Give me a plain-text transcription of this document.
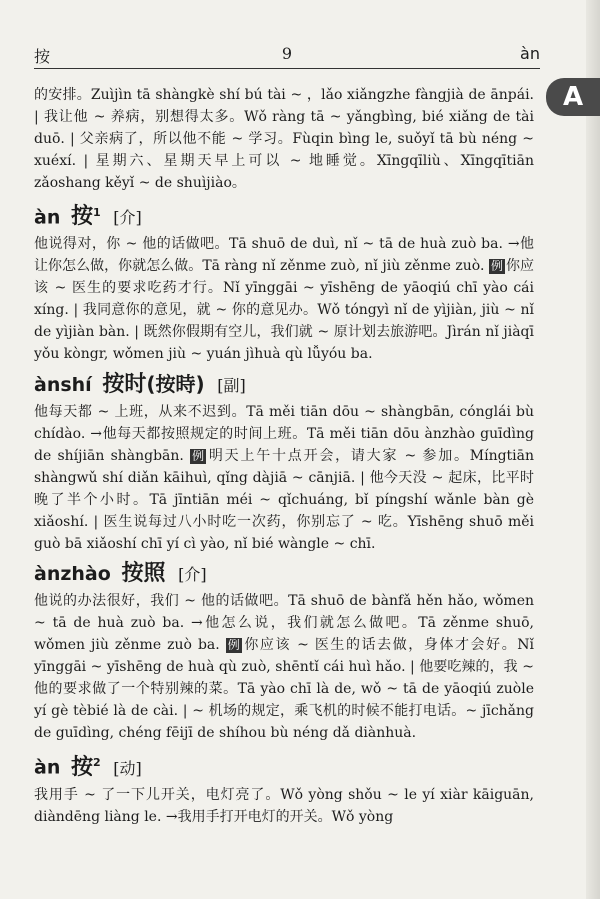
A
按	9	àn

的安排。Zuìjìn tā shàngkè shí bú tài ~ ，lǎo xiǎngzhe fàngjià de ānpái. | 我让他 ~ 养病，别想得太多。Wǒ ràng tā ~ yǎngbìng, bié xiǎng de tài duō. | 父亲病了，所以他不能 ~ 学习。Fùqin bìng le, suǒyǐ tā bù néng ~ xuéxí. | 星期六、星期天早上可以 ~ 地睡觉。Xīngqīliù、Xīngqītiān zǎoshang kěyǐ ~ de shuìjiào。

àn 按$^1$ [介]

他说得对，你 ~ 他的话做吧。Tā shuō de duì, nǐ ~ tā de huà zuò ba. →他让你怎么做，你就怎么做。Tā ràng nǐ zěnme zuò, nǐ jiù zěnme zuò. 例 你应该 ~ 医生的要求吃药才行。Nǐ yīnggāi ~ yīshēng de yāoqiú chī yào cái xíng. | 我同意你的意见，就 ~ 你的意见办。Wǒ tóngyì nǐ de yìjiàn, jiù ~ nǐ de yìjiàn bàn. | 既然你假期有空儿，我们就 ~ 原计划去旅游吧。Jìrán nǐ jiàqī yǒu kòngr, wǒmen jiù ~ yuán jìhuà qù lǚyóu ba.

ànshí 按时(按時) [副]

他每天都 ~ 上班，从来不迟到。Tā měi tiān dōu ~ shàngbān, cónglái bù chídào. →他每天都按照规定的时间上班。Tā měi tiān dōu ànzhào guīdìng de shíjiān shàngbān. 例 明天上午十点开会，请大家 ~ 参加。Míngtiān shàngwǔ shí diǎn kāihuì, qǐng dàjiā ~ cānjiā. | 他今天没 ~ 起床，比平时晚了半个小时。Tā jīntiān méi ~ qǐchuáng, bǐ píngshí wǎnle bàn gè xiǎoshí. | 医生说每过八小时吃一次药，你别忘了 ~ 吃。Yīshēng shuō měi guò bā xiǎoshí chī yí cì yào, nǐ bié wàngle ~ chī.

ànzhào 按照 [介]

他说的办法很好，我们 ~ 他的话做吧。Tā shuō de bànfǎ hěn hǎo, wǒmen ~ tā de huà zuò ba. →他怎么说，我们就怎么做吧。Tā zěnme shuō, wǒmen jiù zěnme zuò ba. 例 你应该 ~ 医生的话去做，身体才会好。Nǐ yīnggāi ~ yīshēng de huà qù zuò, shēntǐ cái huì hǎo. | 他要吃辣的，我 ~ 他的要求做了一个特别辣的菜。Tā yào chī là de, wǒ ~ tā de yāoqiú zuòle yí gè tèbié là de cài. | ~ 机场的规定，乘飞机的时候不能打电话。~ jīchǎng de guīdìng, chéng fēijī de shíhou bù néng dǎ diànhuà.

àn 按$^2$ [动]

我用手 ~ 了一下儿开关，电灯亮了。Wǒ yòng shǒu ~ le yí xiàr kāiguān, diàndēng liàng le. →我用手打开电灯的开关。Wǒ yòng
